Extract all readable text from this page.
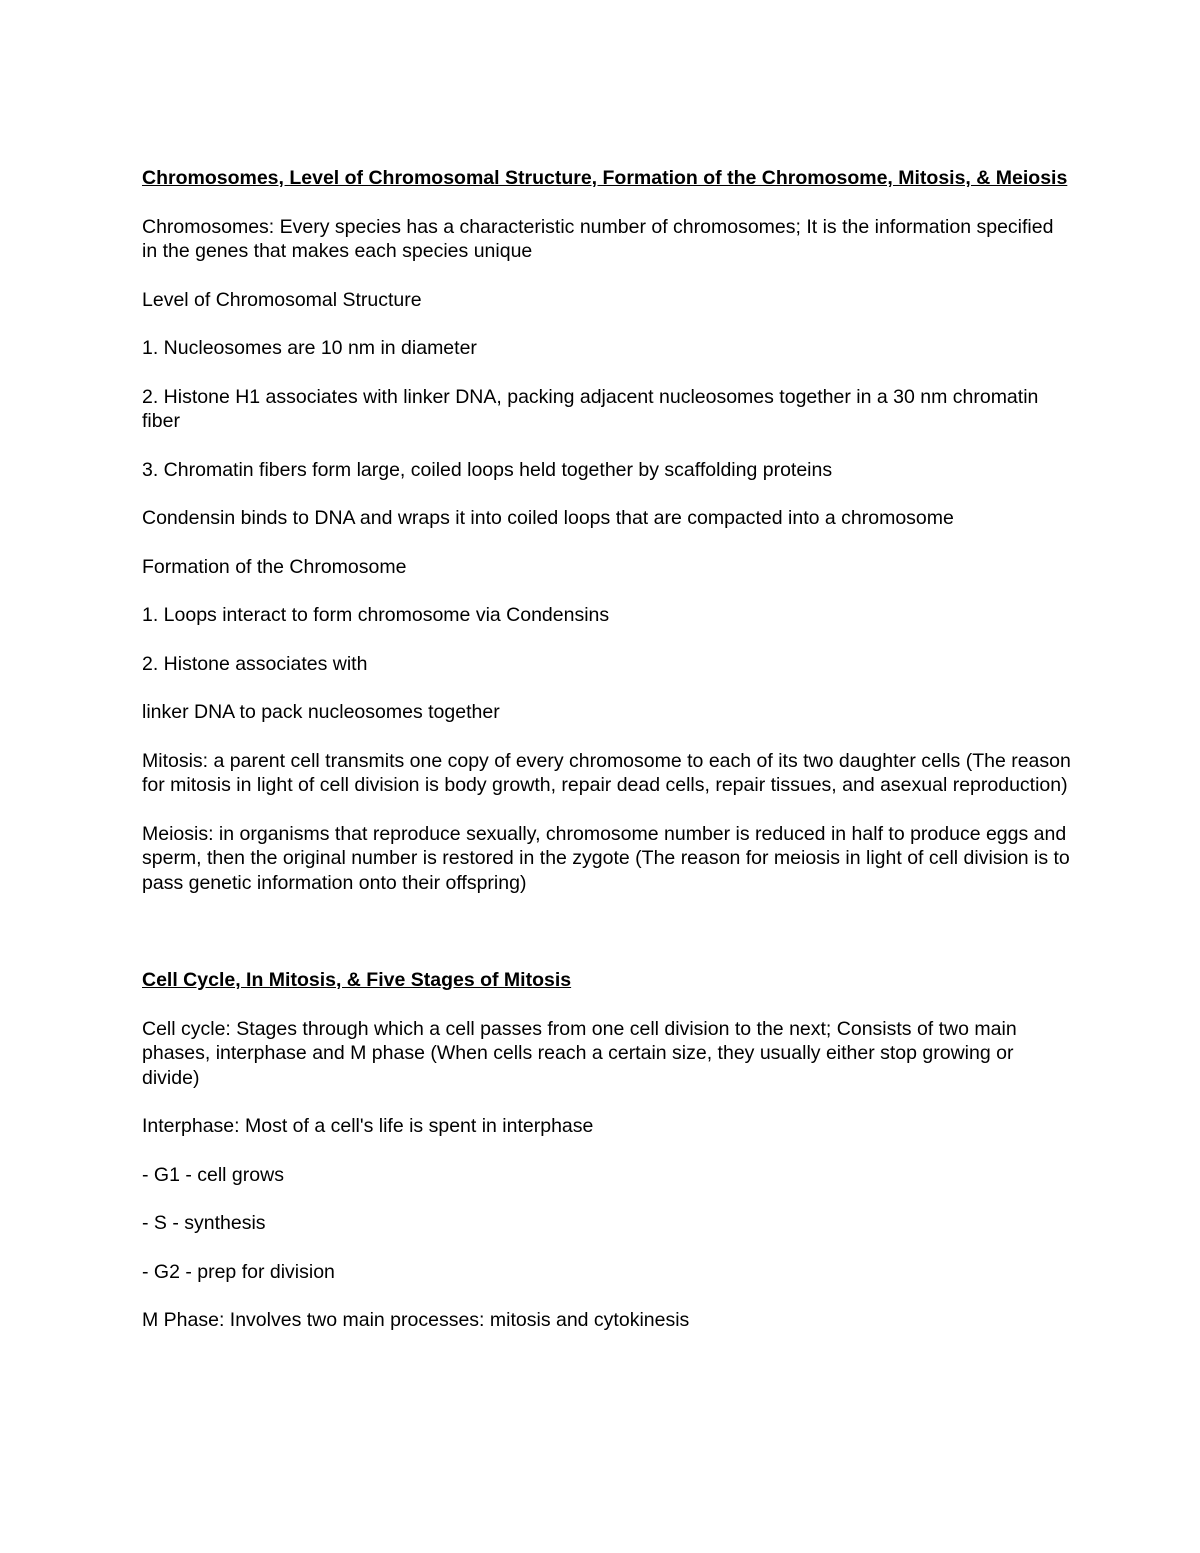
Chromosomes, Level of Chromosomal Structure, Formation of the Chromosome, Mitosis, & Meiosis
Chromosomes: Every species has a characteristic number of chromosomes; It is the information specified in the genes that makes each species unique
Level of Chromosomal Structure
1. Nucleosomes are 10 nm in diameter
2. Histone H1 associates with linker DNA, packing adjacent nucleosomes together in a 30 nm chromatin fiber
3. Chromatin fibers form large, coiled loops held together by scaffolding proteins
Condensin binds to DNA and wraps it into coiled loops that are compacted into a chromosome
Formation of the Chromosome
1. Loops interact to form chromosome via Condensins
2. Histone associates with
linker DNA to pack nucleosomes together
Mitosis: a parent cell transmits one copy of every chromosome to each of its two daughter cells (The reason for mitosis in light of cell division is body growth, repair dead cells, repair tissues, and asexual reproduction)
Meiosis: in organisms that reproduce sexually, chromosome number is reduced in half to produce eggs and sperm, then the original number is restored in the zygote (The reason for meiosis in light of cell division is to pass genetic information onto their offspring)
Cell Cycle, In Mitosis, & Five Stages of Mitosis
Cell cycle: Stages through which a cell passes from one cell division to the next; Consists of two main phases, interphase and M phase (When cells reach a certain size, they usually either stop growing or divide)
Interphase: Most of a cell's life is spent in interphase
- G1 - cell grows
- S - synthesis
- G2 - prep for division
M Phase: Involves two main processes: mitosis and cytokinesis
